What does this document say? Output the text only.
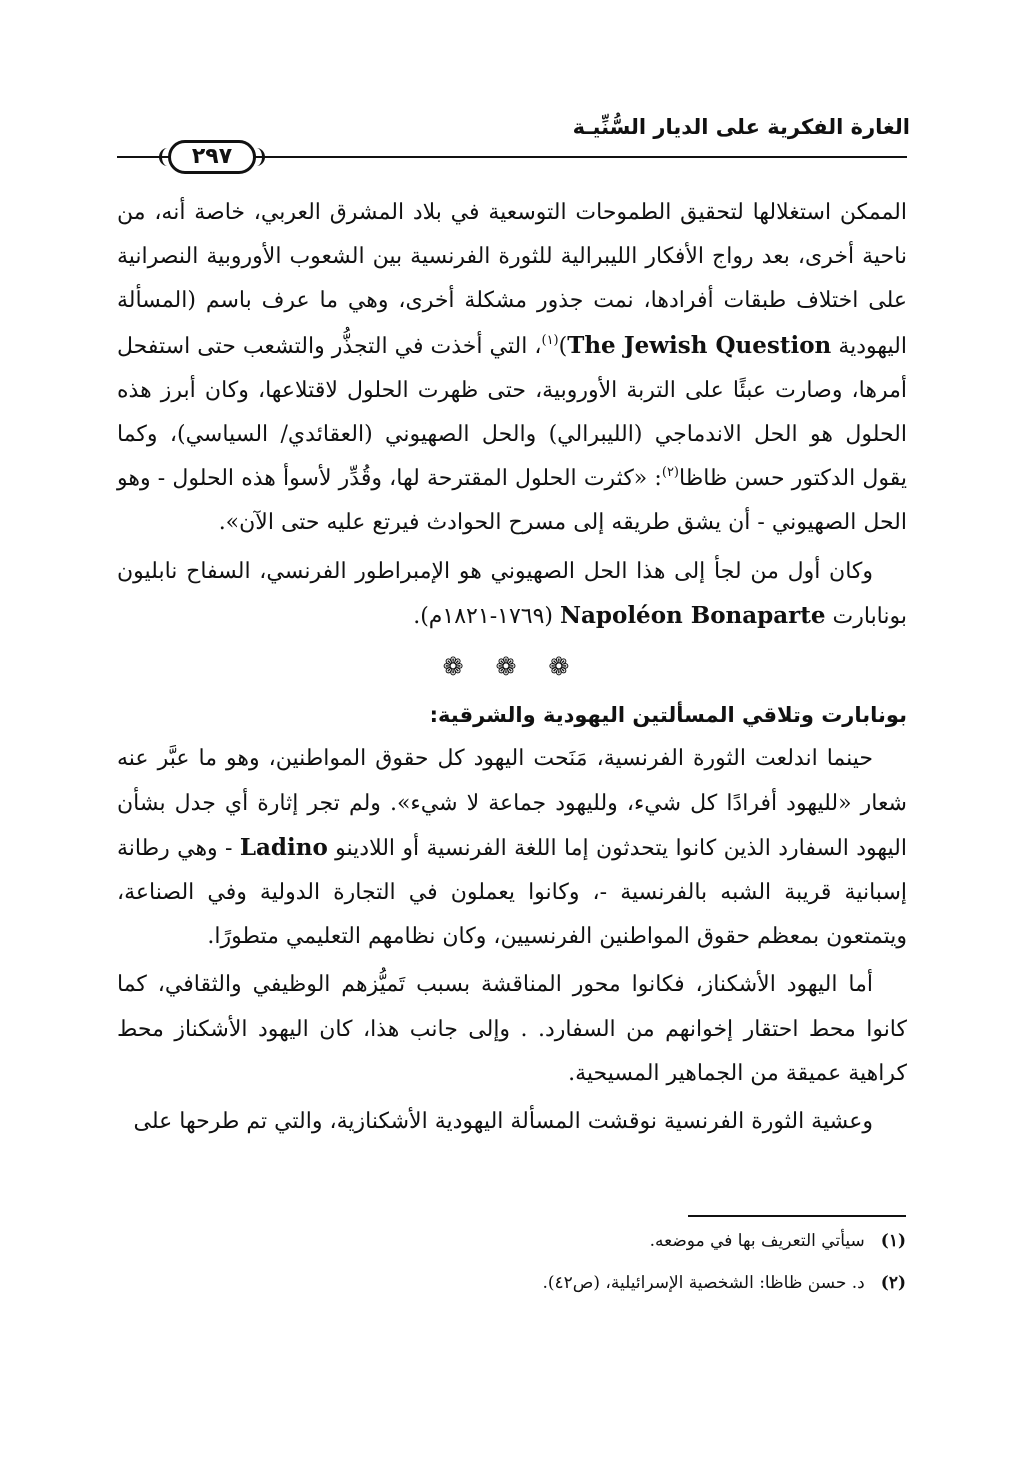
الغارة الفكرية على الديار السُّنِّيـة
٢٩٧

الممكن استغلالها لتحقيق الطموحات التوسعية في بلاد المشرق العربي، خاصة أنه، من ناحية أخرى، بعد رواج الأفكار الليبرالية للثورة الفرنسية بين الشعوب الأوروبية النصرانية على اختلاف طبقات أفرادها، نمت جذور مشكلة أخرى، وهي ما عرف باسم (المسألة اليهودية The Jewish Question)$^{(١)}$، التي أخذت في التجذُّر والتشعب حتى استفحل أمرها، وصارت عبئًا على التربة الأوروبية، حتى ظهرت الحلول لاقتلاعها، وكان أبرز هذه الحلول هو الحل الاندماجي (الليبرالي) والحل الصهيوني (العقائدي/ السياسي)، وكما يقول الدكتور حسن ظاظا$^{(٢)}$: «كثرت الحلول المقترحة لها، وقُدِّر لأسوأ هذه الحلول - وهو الحل الصهيوني - أن يشق طريقه إلى مسرح الحوادث فيرتع عليه حتى الآن».

وكان أول من لجأ إلى هذا الحل الصهيوني هو الإمبراطور الفرنسي، السفاح نابليون بونابارت Napoléon Bonaparte (١٧٦٩-١٨٢١م).

❁ ❁ ❁

بونابارت وتلاقي المسألتين اليهودية والشرقية:

حينما اندلعت الثورة الفرنسية، مَنَحت اليهود كل حقوق المواطنين، وهو ما عبَّر عنه شعار «لليهود أفرادًا كل شيء، ولليهود جماعة لا شيء». ولم تجر إثارة أي جدل بشأن اليهود السفارد الذين كانوا يتحدثون إما اللغة الفرنسية أو اللادينو Ladino - وهي رطانة إسبانية قريبة الشبه بالفرنسية -، وكانوا يعملون في التجارة الدولية وفي الصناعة، ويتمتعون بمعظم حقوق المواطنين الفرنسيين، وكان نظامهم التعليمي متطورًا.

أما اليهود الأشكناز، فكانوا محور المناقشة بسبب تَميُّزهم الوظيفي والثقافي، كما كانوا محط احتقار إخوانهم من السفارد. . وإلى جانب هذا، كان اليهود الأشكناز محط كراهية عميقة من الجماهير المسيحية.

وعشية الثورة الفرنسية نوقشت المسألة اليهودية الأشكنازية، والتي تم طرحها على

(١)سيأتي التعريف بها في موضعه.

(٢)د. حسن ظاظا: الشخصية الإسرائيلية، (ص٤٢).
